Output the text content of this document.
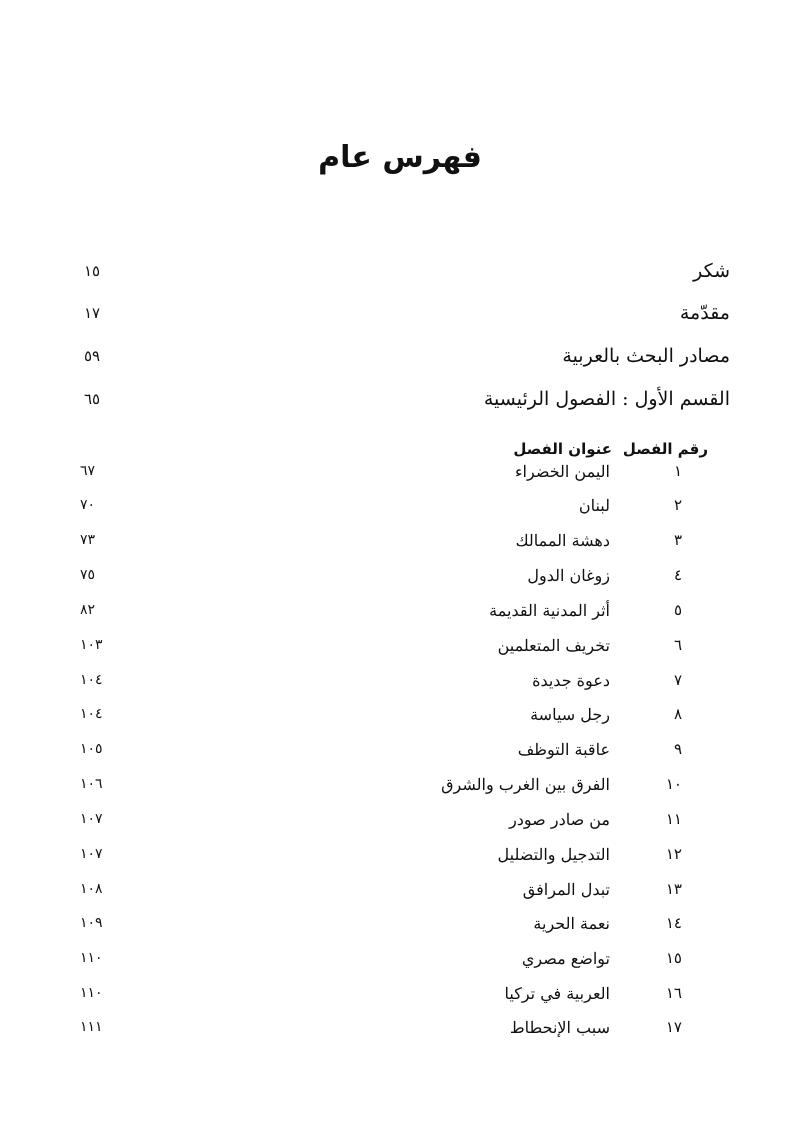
فهرس عام
شكر
١٥
مقدّمة
١٧
مصادر البحث بالعربية
٥٩
القسم الأول : الفصول الرئيسية
٦٥
رقم الفصل
عنوان الفصل
١
اليمن الخضراء
٦٧
٢
لبنان
٧٠
٣
دهشة الممالك
٧٣
٤
زوغان الدول
٧٥
٥
أثر المدنية القديمة
٨٢
٦
تخريف المتعلمين
١٠٣
٧
دعوة جديدة
١٠٤
٨
رجل سياسة
١٠٤
٩
عاقبة التوظف
١٠٥
١٠
الفرق بين الغرب والشرق
١٠٦
١١
من صادر صودر
١٠٧
١٢
التدجيل والتضليل
١٠٧
١٣
تبدل المرافق
١٠٨
١٤
نعمة الحرية
١٠٩
١٥
تواضع مصري
١١٠
١٦
العربية في تركيا
١١٠
١٧
سبب الإنحطاط
١١١
